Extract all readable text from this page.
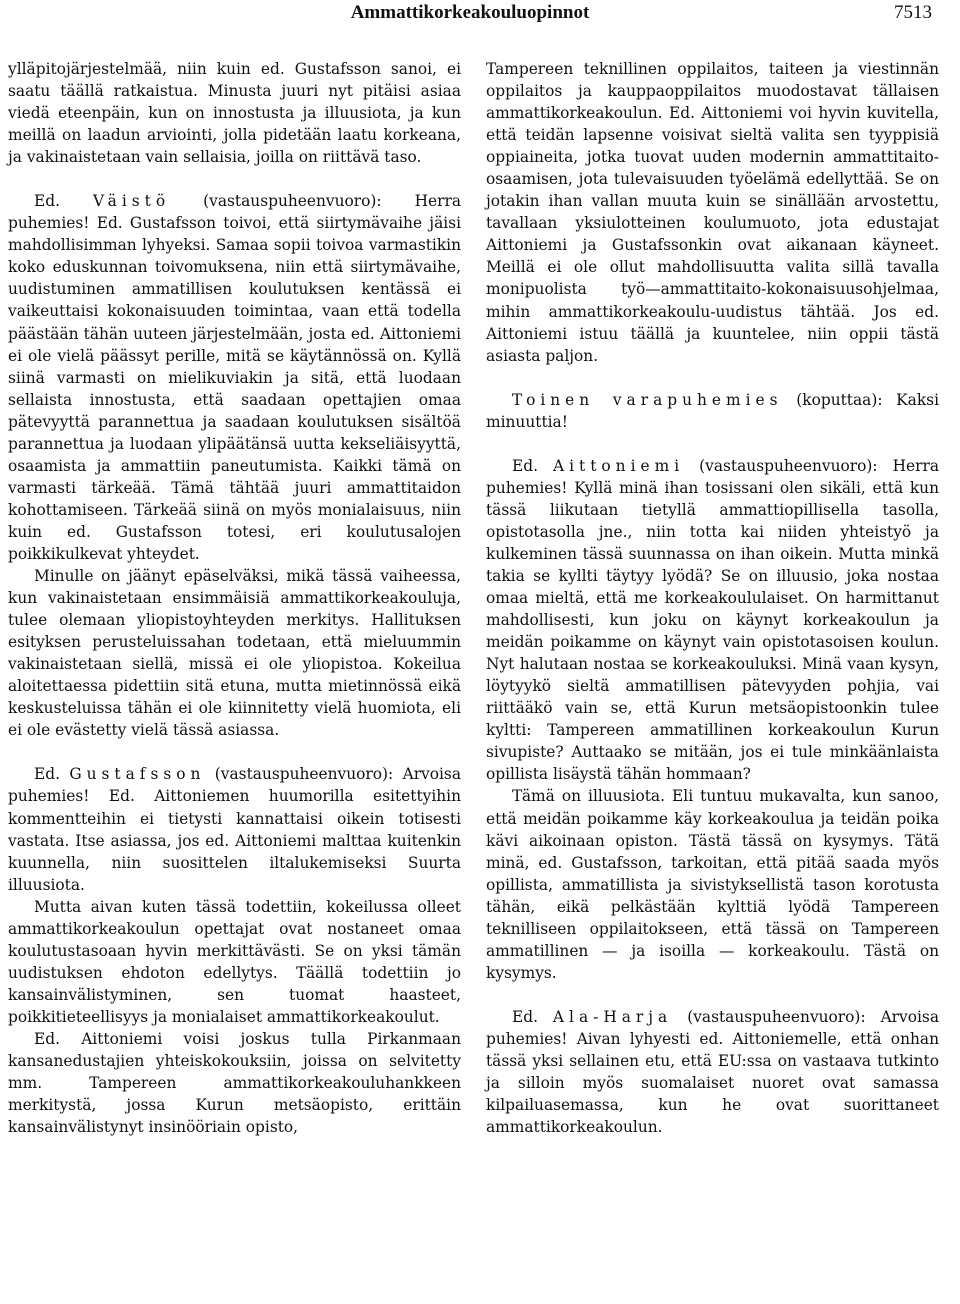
Ammattikorkeakouluopinnot	7513

ylläpitojärjestelmää, niin kuin ed. Gustafsson sanoi, ei saatu täällä ratkaistua. Minusta juuri nyt pitäisi asiaa viedä eteenpäin, kun on innostusta ja illuusiota, ja kun meillä on laadun arviointi, jolla pidetään laatu korkeana, ja vakinaistetaan vain sellaisia, joilla on riittävä taso.

Ed. Väistö (vastauspuheenvuoro): Herra puhemies! Ed. Gustafsson toivoi, että siirtymävaihe jäisi mahdollisimman lyhyeksi. Samaa sopii toivoa varmastikin koko eduskunnan toivomuksena, niin että siirtymävaihe, uudistuminen ammatillisen koulutuksen kentässä ei vaikeuttaisi kokonaisuuden toimintaa, vaan että todella päästään tähän uuteen järjestelmään, josta ed. Aittoniemi ei ole vielä päässyt perille, mitä se käytännössä on. Kyllä siinä varmasti on mielikuviakin ja sitä, että luodaan sellaista innostusta, että saadaan opettajien omaa pätevyyttä parannettua ja saadaan koulutuksen sisältöä parannettua ja luodaan ylipäätänsä uutta kekseliäisyyttä, osaamista ja ammattiin paneutumista. Kaikki tämä on varmasti tärkeää. Tämä tähtää juuri ammattitaidon kohottamiseen. Tärkeää siinä on myös monialaisuus, niin kuin ed. Gustafsson totesi, eri koulutusalojen poikkikulkevat yhteydet.

Minulle on jäänyt epäselväksi, mikä tässä vaiheessa, kun vakinaistetaan ensimmäisiä ammattikorkeakouluja, tulee olemaan yliopistoyhteyden merkitys. Hallituksen esityksen perusteluissahan todetaan, että mieluummin vakinaistetaan siellä, missä ei ole yliopistoa. Kokeilua aloitettaessa pidettiin sitä etuna, mutta mietinnössä eikä keskusteluissa tähän ei ole kiinnitetty vielä huomiota, eli ei ole evästetty vielä tässä asiassa.

Ed. Gustafsson (vastauspuheenvuoro): Arvoisa puhemies! Ed. Aittoniemen huumorilla esitettyihin kommentteihin ei tietysti kannattaisi oikein totisesti vastata. Itse asiassa, jos ed. Aittoniemi malttaa kuitenkin kuunnella, niin suosittelen iltalukemiseksi Suurta illuusiota.

Mutta aivan kuten tässä todettiin, kokeilussa olleet ammattikorkeakoulun opettajat ovat nostaneet omaa koulutustasoaan hyvin merkittävästi. Se on yksi tämän uudistuksen ehdoton edellytys. Täällä todettiin jo kansainvälistyminen, sen tuomat haasteet, poikkitieteellisyys ja monialaiset ammattikorkeakoulut.

Ed. Aittoniemi voisi joskus tulla Pirkanmaan kansanedustajien yhteiskokouksiin, joissa on selvitetty mm. Tampereen ammattikorkeakouluhankkeen merkitystä, jossa Kurun metsäopisto, erittäin kansainvälistynyt insinööriain opisto,

Tampereen teknillinen oppilaitos, taiteen ja viestinnän oppilaitos ja kauppaoppilaitos muodostavat tällaisen ammattikorkeakoulun. Ed. Aittoniemi voi hyvin kuvitella, että teidän lapsenne voisivat sieltä valita sen tyyppisiä oppiaineita, jotka tuovat uuden modernin ammattitaito-osaamisen, jota tulevaisuuden työelämä edellyttää. Se on jotakin ihan vallan muuta kuin se sinällään arvostettu, tavallaan yksiulotteinen koulumuoto, jota edustajat Aittoniemi ja Gustafssonkin ovat aikanaan käyneet. Meillä ei ole ollut mahdollisuutta valita sillä tavalla monipuolista työ—ammattitaito-kokonaisuusohjelmaa, mihin ammattikorkeakoulu-uudistus tähtää. Jos ed. Aittoniemi istuu täällä ja kuuntelee, niin oppii tästä asiasta paljon.

Toinen varapuhemies (koputtaa): Kaksi minuuttia!

Ed. Aittoniemi (vastauspuheenvuoro): Herra puhemies! Kyllä minä ihan tosissani olen sikäli, että kun tässä liikutaan tietyllä ammattiopillisella tasolla, opistotasolla jne., niin totta kai niiden yhteistyö ja kulkeminen tässä suunnassa on ihan oikein. Mutta minkä takia se kyllti täytyy lyödä? Se on illuusio, joka nostaa omaa mieltä, että me korkeakoululaiset. On harmittanut mahdollisesti, kun joku on käynyt korkeakoulun ja meidän poikamme on käynyt vain opistotasoisen koulun. Nyt halutaan nostaa se korkeakouluksi. Minä vaan kysyn, löytyykö sieltä ammatillisen pätevyyden pohjia, vai riittääkö vain se, että Kurun metsäopistoonkin tulee kyltti: Tampereen ammatillinen korkeakoulun Kurun sivupiste? Auttaako se mitään, jos ei tule minkäänlaista opillista lisäystä tähän hommaan?

Tämä on illuusiota. Eli tuntuu mukavalta, kun sanoo, että meidän poikamme käy korkeakoulua ja teidän poika kävi aikoinaan opiston. Tästä tässä on kysymys. Tätä minä, ed. Gustafsson, tarkoitan, että pitää saada myös opillista, ammatillista ja sivistyksellistä tason korotusta tähän, eikä pelkästään kylttiä lyödä Tampereen teknilliseen oppilaitokseen, että tässä on Tampereen ammatillinen — ja isoilla — korkeakoulu. Tästä on kysymys.

Ed. Ala-Harja (vastauspuheenvuoro): Arvoisa puhemies! Aivan lyhyesti ed. Aittoniemelle, että onhan tässä yksi sellainen etu, että EU:ssa on vastaava tutkinto ja silloin myös suomalaiset nuoret ovat samassa kilpailuasemassa, kun he ovat suorittaneet ammattikorkeakoulun.
